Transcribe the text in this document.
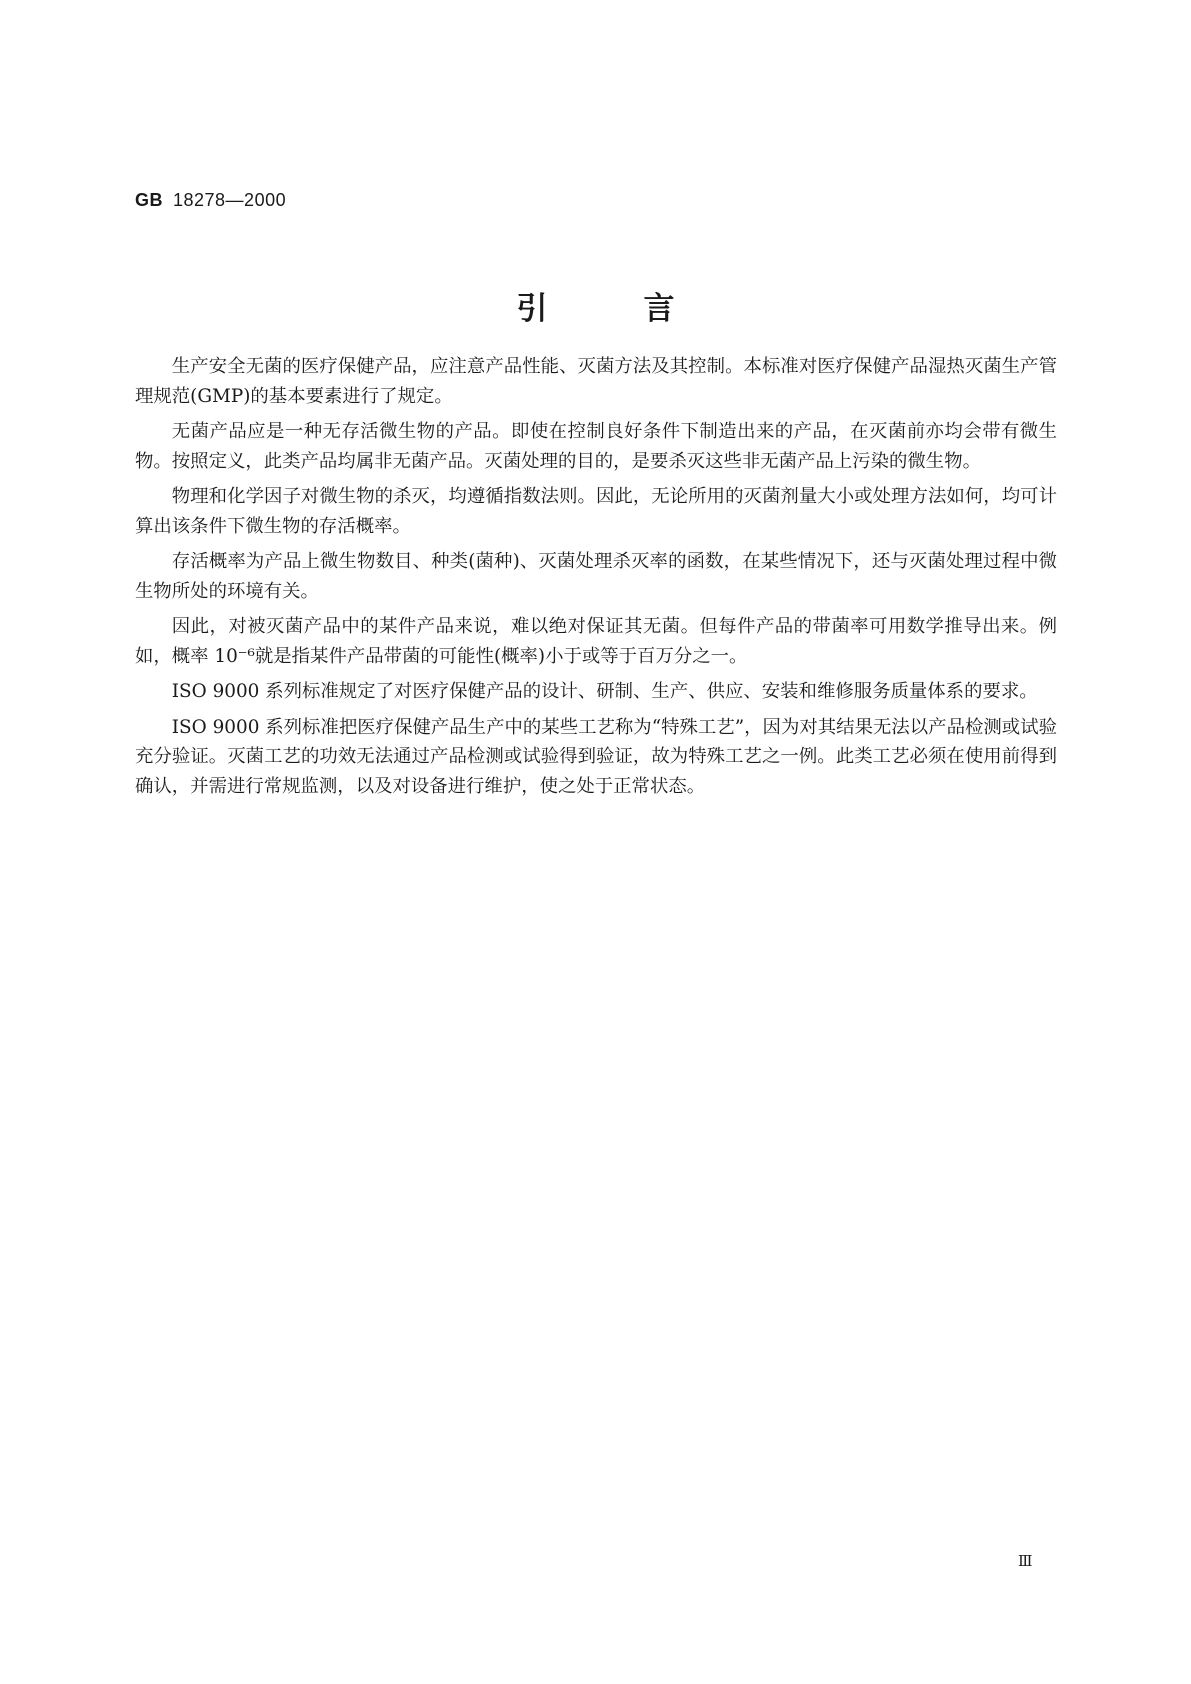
GB 18278—2000
引言

生产安全无菌的医疗保健产品，应注意产品性能、灭菌方法及其控制。本标准对医疗保健产品湿热灭菌生产管理规范(GMP)的基本要素进行了规定。

无菌产品应是一种无存活微生物的产品。即使在控制良好条件下制造出来的产品，在灭菌前亦均会带有微生物。按照定义，此类产品均属非无菌产品。灭菌处理的目的，是要杀灭这些非无菌产品上污染的微生物。

物理和化学因子对微生物的杀灭，均遵循指数法则。因此，无论所用的灭菌剂量大小或处理方法如何，均可计算出该条件下微生物的存活概率。

存活概率为产品上微生物数目、种类(菌种)、灭菌处理杀灭率的函数，在某些情况下，还与灭菌处理过程中微生物所处的环境有关。

因此，对被灭菌产品中的某件产品来说，难以绝对保证其无菌。但每件产品的带菌率可用数学推导出来。例如，概率 10⁻⁶就是指某件产品带菌的可能性(概率)小于或等于百万分之一。

ISO 9000 系列标准规定了对医疗保健产品的设计、研制、生产、供应、安装和维修服务质量体系的要求。

ISO 9000 系列标准把医疗保健产品生产中的某些工艺称为“特殊工艺”，因为对其结果无法以产品检测或试验充分验证。灭菌工艺的功效无法通过产品检测或试验得到验证，故为特殊工艺之一例。此类工艺必须在使用前得到确认，并需进行常规监测，以及对设备进行维护，使之处于正常状态。

Ⅲ
